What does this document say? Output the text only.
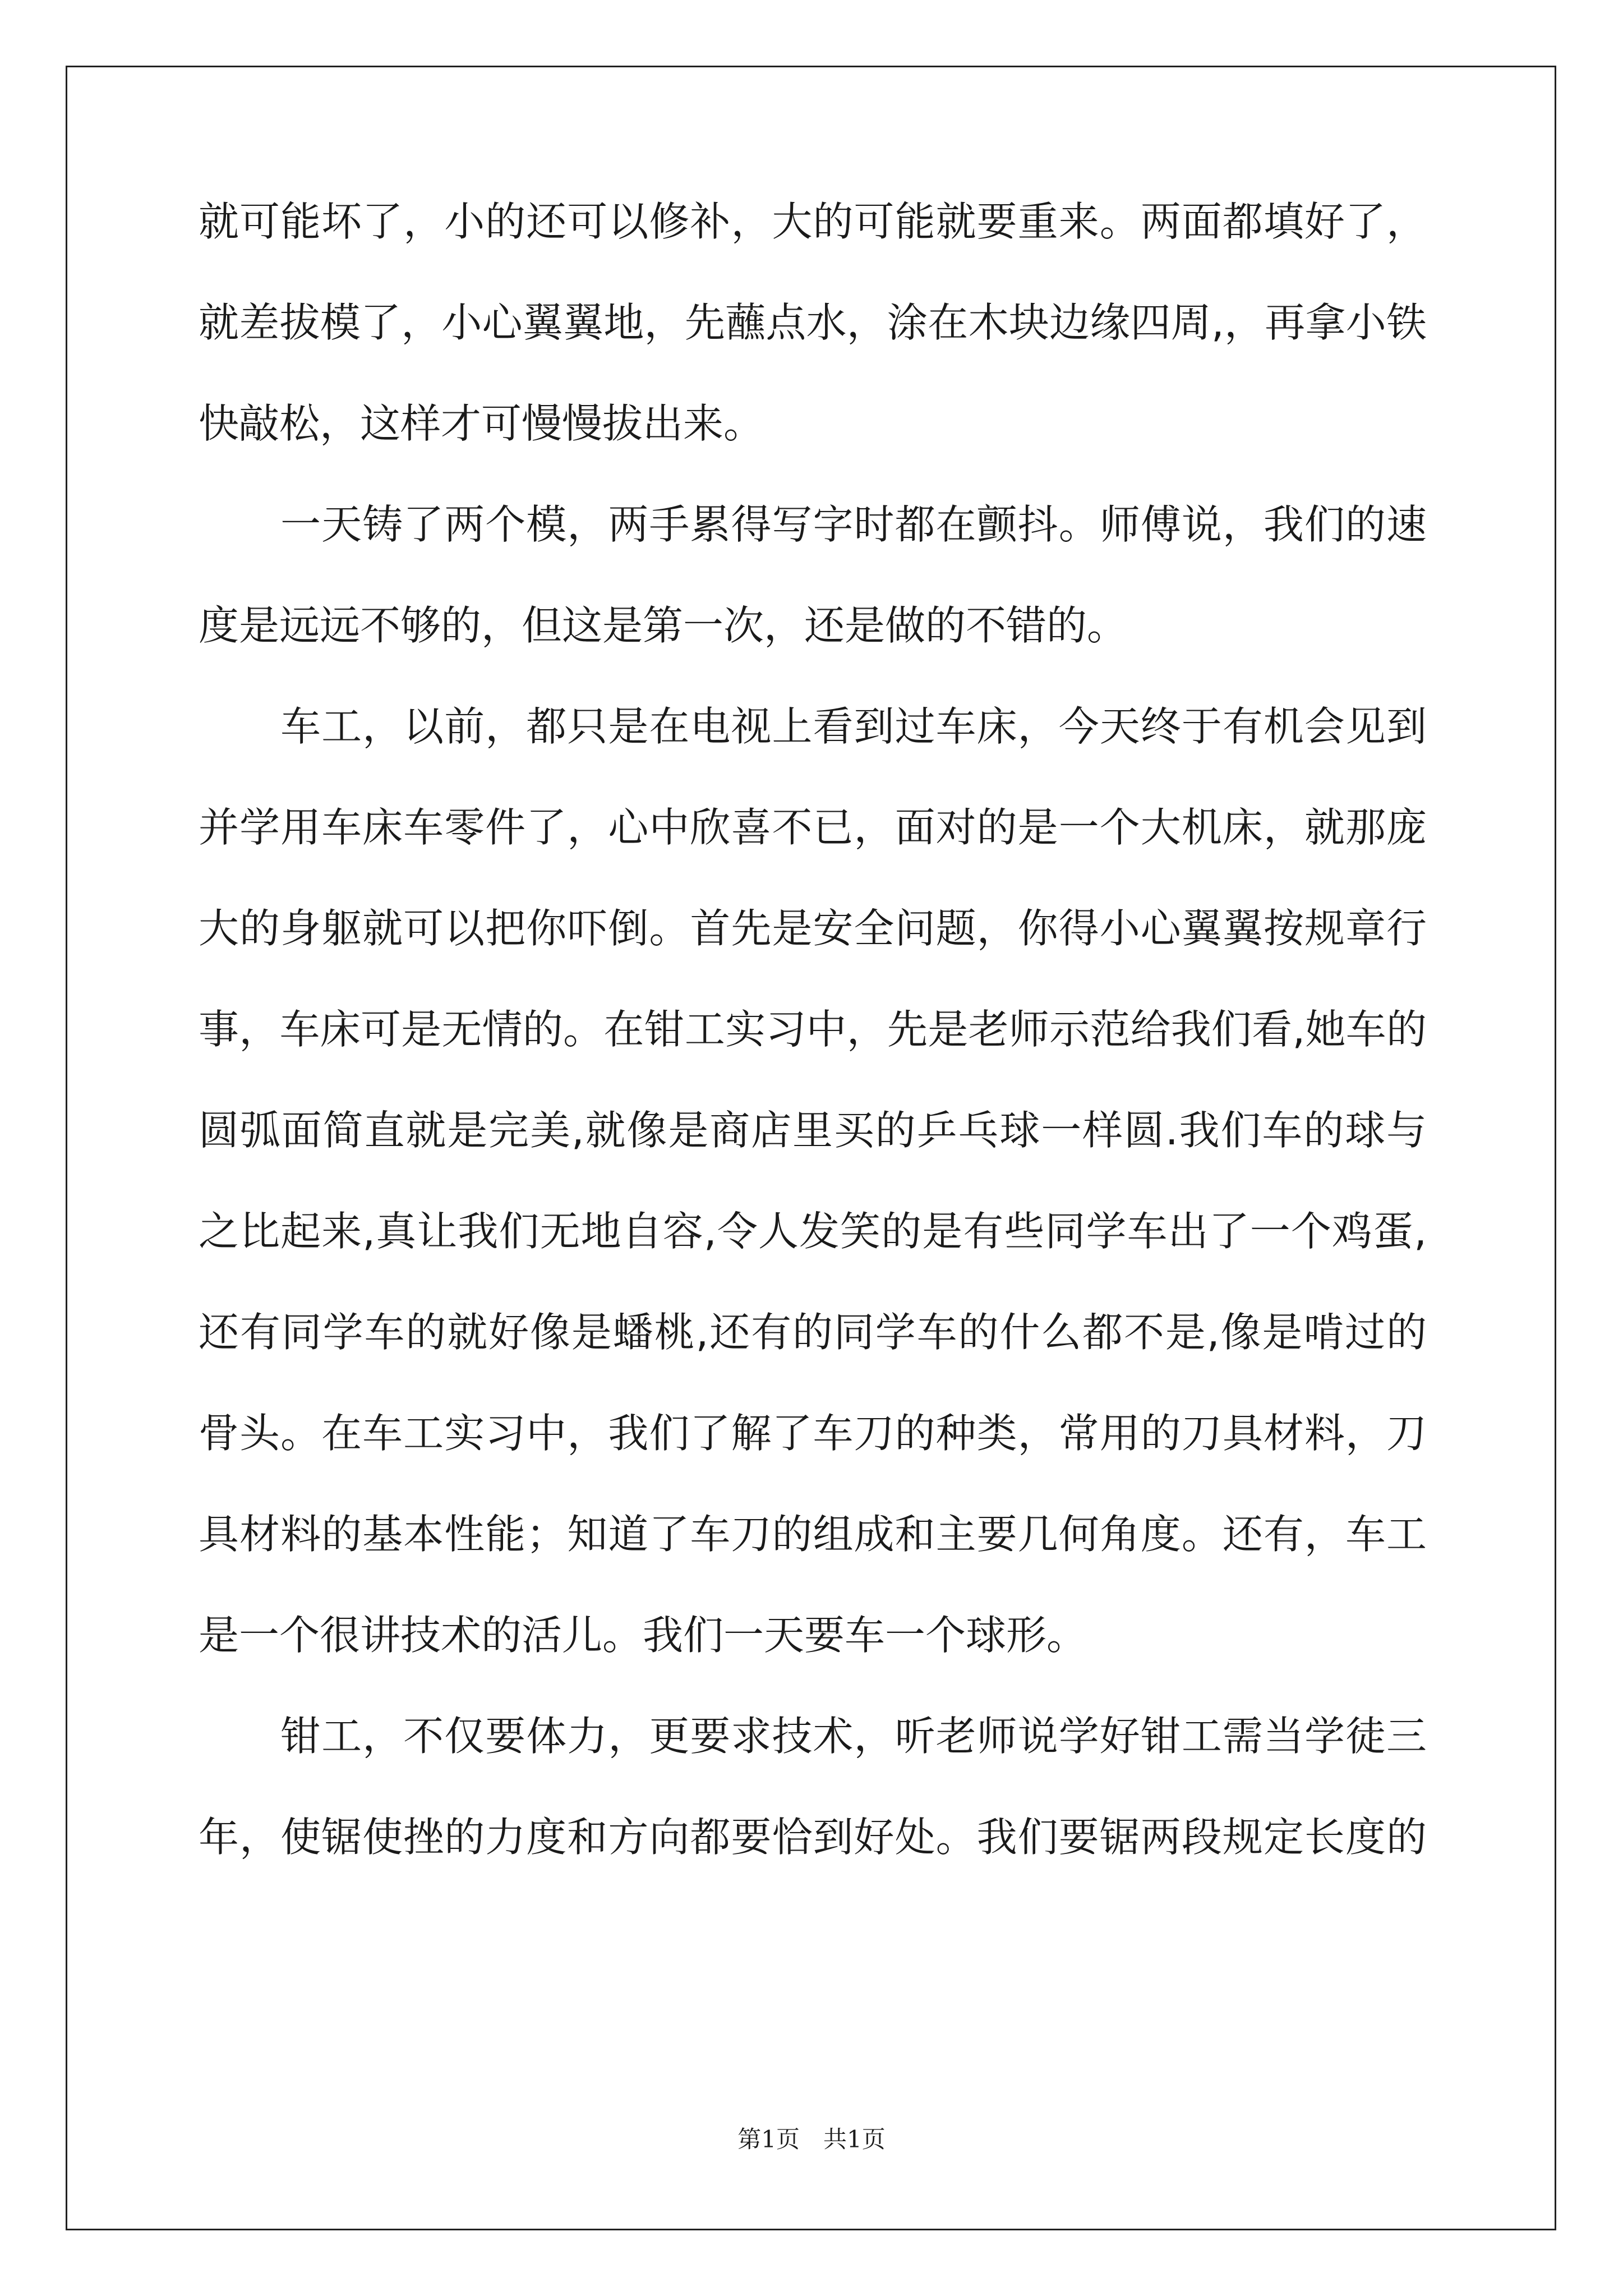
就可能坏了，小的还可以修补，大的可能就要重来。两面都填好了，
就差拔模了，小心翼翼地，先蘸点水，涂在木块边缘四周,，再拿小铁
快敲松，这样才可慢慢拔出来。
　　一天铸了两个模，两手累得写字时都在颤抖。师傅说，我们的速
度是远远不够的，但这是第一次，还是做的不错的。
　　车工，以前，都只是在电视上看到过车床，今天终于有机会见到
并学用车床车零件了，心中欣喜不已，面对的是一个大机床，就那庞
大的身躯就可以把你吓倒。首先是安全问题，你得小心翼翼按规章行
事，车床可是无情的。在钳工实习中，先是老师示范给我们看,她车的
圆弧面简直就是完美,就像是商店里买的乒乓球一样圆.我们车的球与
之比起来,真让我们无地自容,令人发笑的是有些同学车出了一个鸡蛋,
还有同学车的就好像是蟠桃,还有的同学车的什么都不是,像是啃过的
骨头。在车工实习中，我们了解了车刀的种类，常用的刀具材料，刀
具材料的基本性能；知道了车刀的组成和主要几何角度。还有，车工
是一个很讲技术的活儿。我们一天要车一个球形。
　　钳工，不仅要体力，更要求技术，听老师说学好钳工需当学徒三
年，使锯使挫的力度和方向都要恰到好处。我们要锯两段规定长度的
第1页　共1页
